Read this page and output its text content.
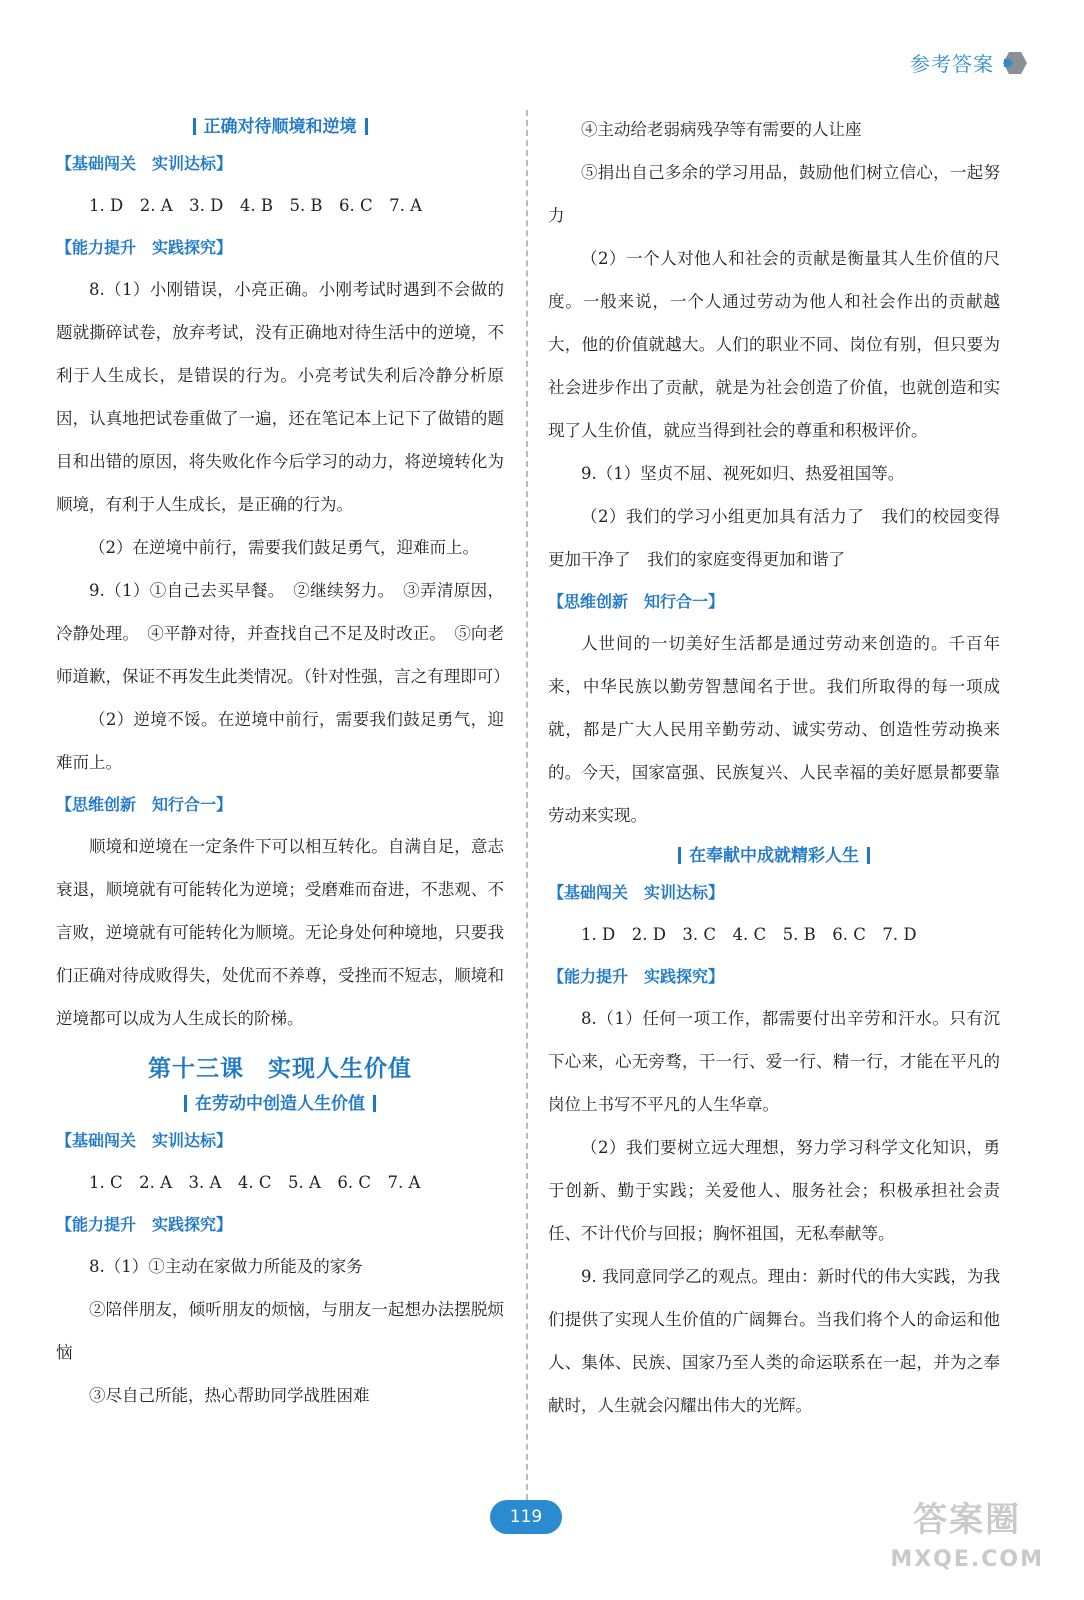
参考答案
正确对待顺境和逆境
【基础闯关　实训达标】

1. D　2. A　3. D　4. B　5. B　6. C　7. A

【能力提升　实践探究】

8.（1）小刚错误，小亮正确。小刚考试时遇到不会做的题就撕碎试卷，放弃考试，没有正确地对待生活中的逆境，不利于人生成长，是错误的行为。小亮考试失利后冷静分析原因，认真地把试卷重做了一遍，还在笔记本上记下了做错的题目和出错的原因，将失败化作今后学习的动力，将逆境转化为顺境，有利于人生成长，是正确的行为。

（2）在逆境中前行，需要我们鼓足勇气，迎难而上。

9.（1）①自己去买早餐。　②继续努力。　③弄清原因，冷静处理。　④平静对待，并查找自己不足及时改正。　⑤向老师道歉，保证不再发生此类情况。（针对性强，言之有理即可）

（2）逆境不馁。在逆境中前行，需要我们鼓足勇气，迎难而上。

【思维创新　知行合一】

顺境和逆境在一定条件下可以相互转化。自满自足，意志衰退，顺境就有可能转化为逆境；受磨难而奋进，不悲观、不言败，逆境就有可能转化为顺境。无论身处何种境地，只要我们正确对待成败得失，处优而不养尊，受挫而不短志，顺境和逆境都可以成为人生成长的阶梯。

第十三课　实现人生价值
在劳动中创造人生价值
【基础闯关　实训达标】

1. C　2. A　3. A　4. C　5. A　6. C　7. A

【能力提升　实践探究】

8.（1）①主动在家做力所能及的家务

②陪伴朋友，倾听朋友的烦恼，与朋友一起想办法摆脱烦恼

③尽自己所能，热心帮助同学战胜困难

④主动给老弱病残孕等有需要的人让座

⑤捐出自己多余的学习用品，鼓励他们树立信心，一起努力

（2）一个人对他人和社会的贡献是衡量其人生价值的尺度。一般来说，一个人通过劳动为他人和社会作出的贡献越大，他的价值就越大。人们的职业不同、岗位有别，但只要为社会进步作出了贡献，就是为社会创造了价值，也就创造和实现了人生价值，就应当得到社会的尊重和积极评价。

9.（1）坚贞不屈、视死如归、热爱祖国等。

（2）我们的学习小组更加具有活力了　我们的校园变得更加干净了　我们的家庭变得更加和谐了

【思维创新　知行合一】

人世间的一切美好生活都是通过劳动来创造的。千百年来，中华民族以勤劳智慧闻名于世。我们所取得的每一项成就，都是广大人民用辛勤劳动、诚实劳动、创造性劳动换来的。今天，国家富强、民族复兴、人民幸福的美好愿景都要靠劳动来实现。

在奉献中成就精彩人生
【基础闯关　实训达标】

1. D　2. D　3. C　4. C　5. B　6. C　7. D

【能力提升　实践探究】

8.（1）任何一项工作，都需要付出辛劳和汗水。只有沉下心来，心无旁骛，干一行、爱一行、精一行，才能在平凡的岗位上书写不平凡的人生华章。

（2）我们要树立远大理想，努力学习科学文化知识，勇于创新、勤于实践；关爱他人、服务社会；积极承担社会责任、不计代价与回报；胸怀祖国，无私奉献等。

9. 我同意同学乙的观点。理由：新时代的伟大实践，为我们提供了实现人生价值的广阔舞台。当我们将个人的命运和他人、集体、民族、国家乃至人类的命运联系在一起，并为之奉献时，人生就会闪耀出伟大的光辉。

119	答案圈
MXQE.COM
